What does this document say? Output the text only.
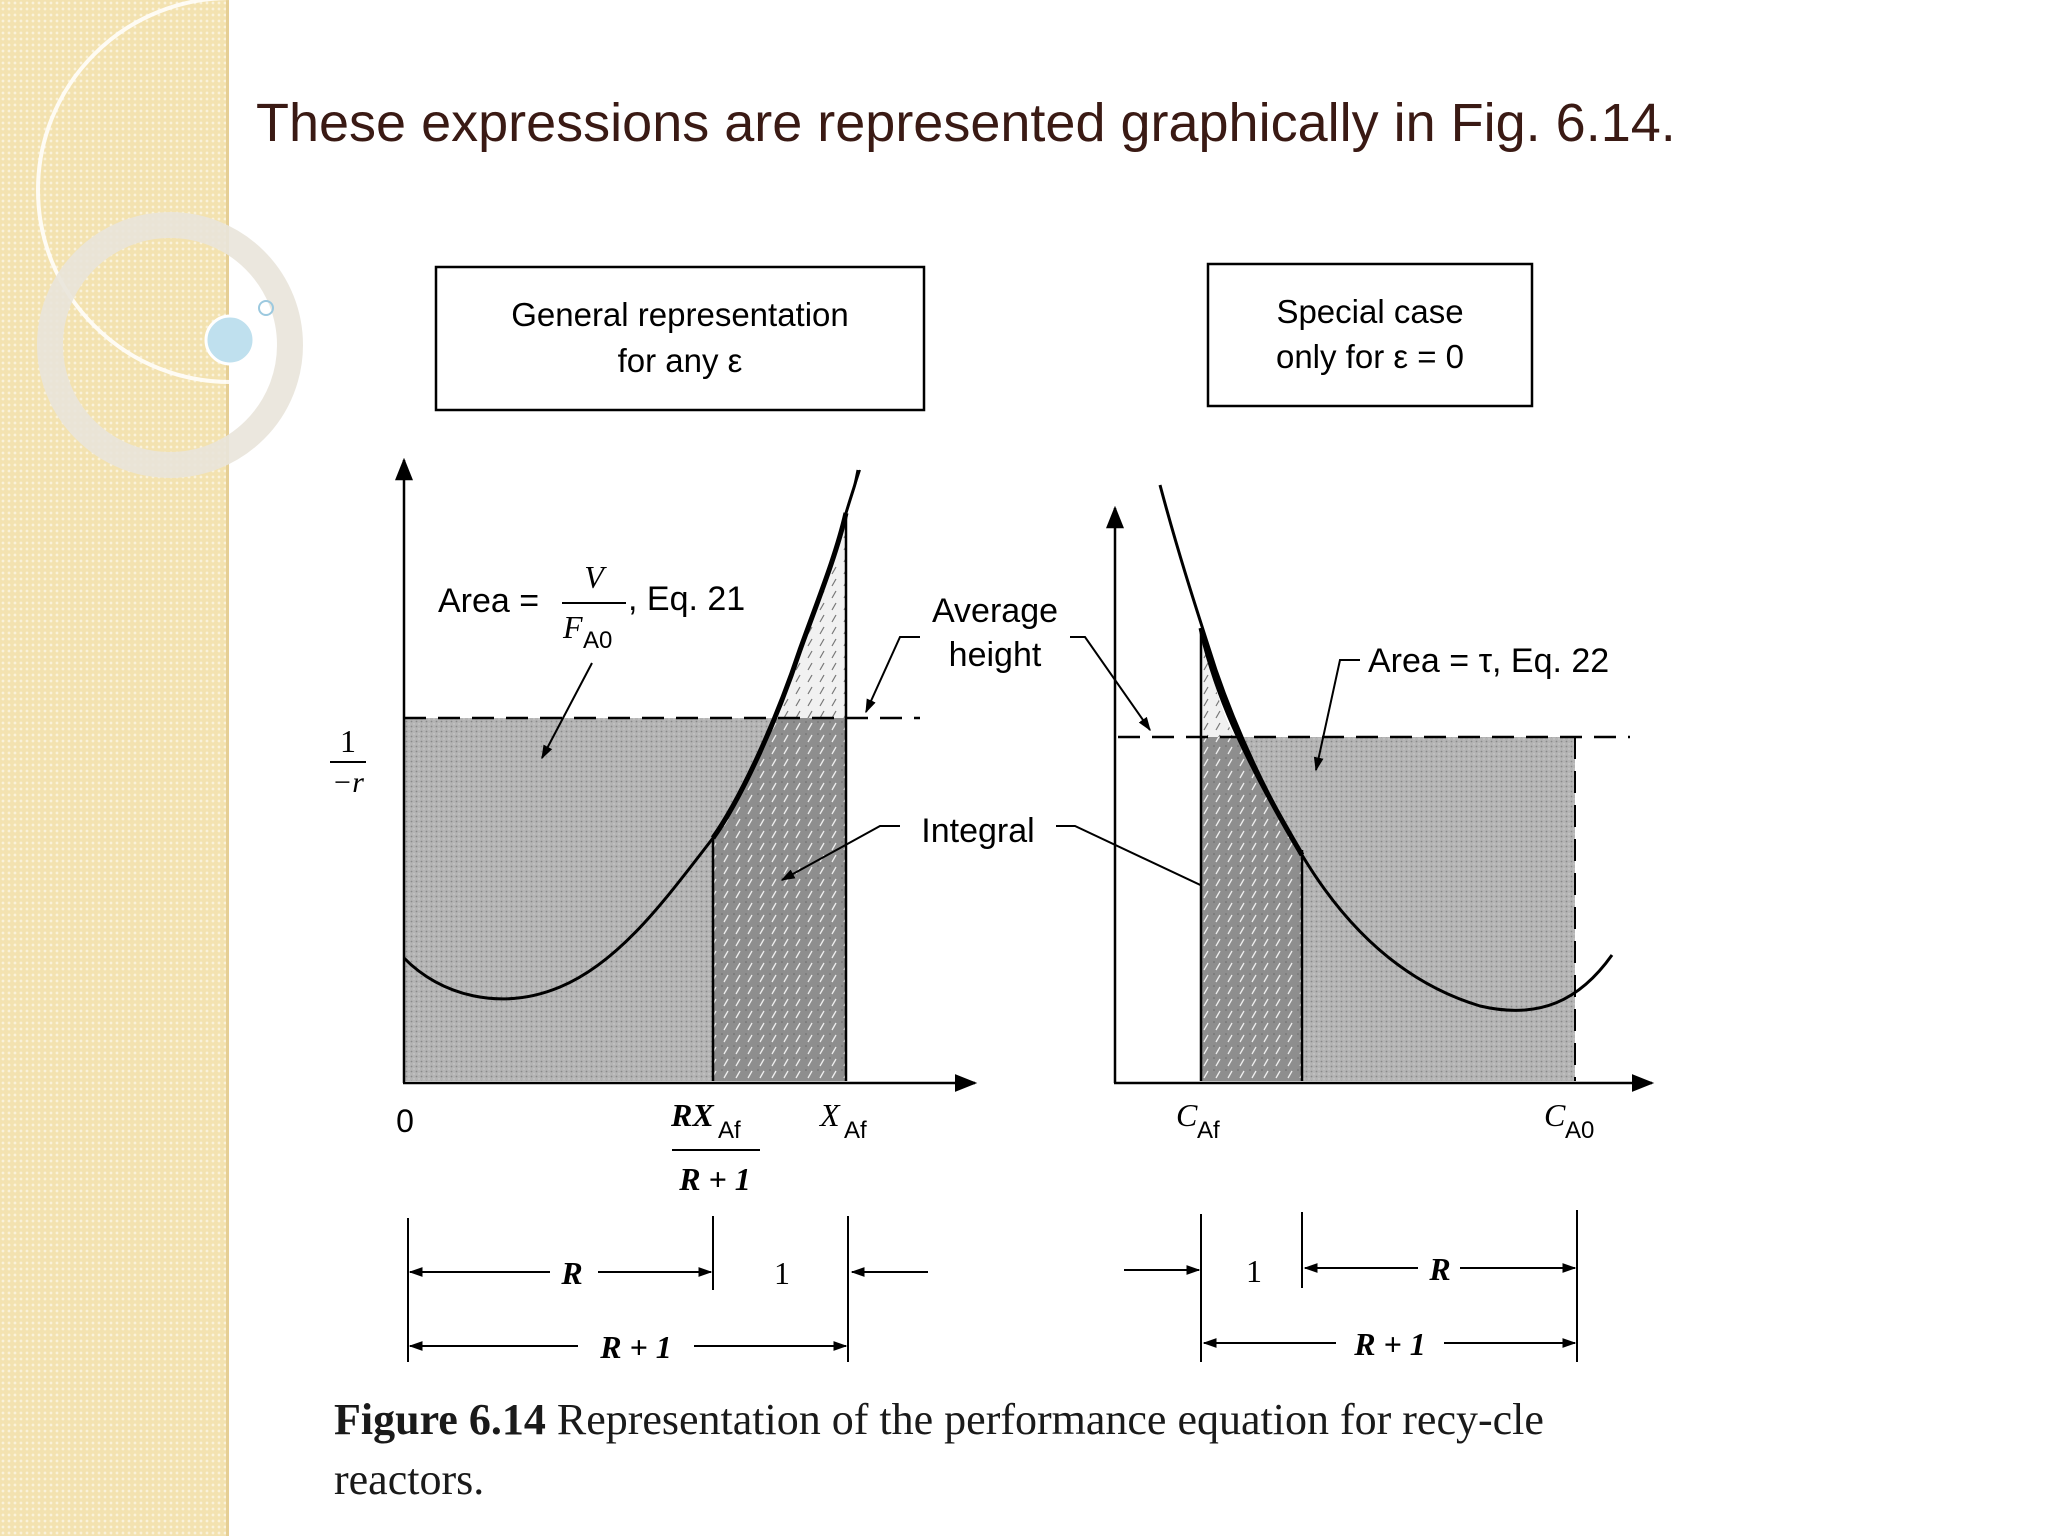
These expressions are represented graphically in Fig. 6.14.
General representation
for any ε
1
−r
Area =
V
F A0
, Eq. 21	Average
height
Integral
0	RX Af
R + 1
X Af
R	1
R + 1
Special case
only for ε = 0
Area = τ, Eq. 22
C Af	C A0
1	R
R + 1
Figure 6.14 Representation of the performance equation for recy-cle reactors.
